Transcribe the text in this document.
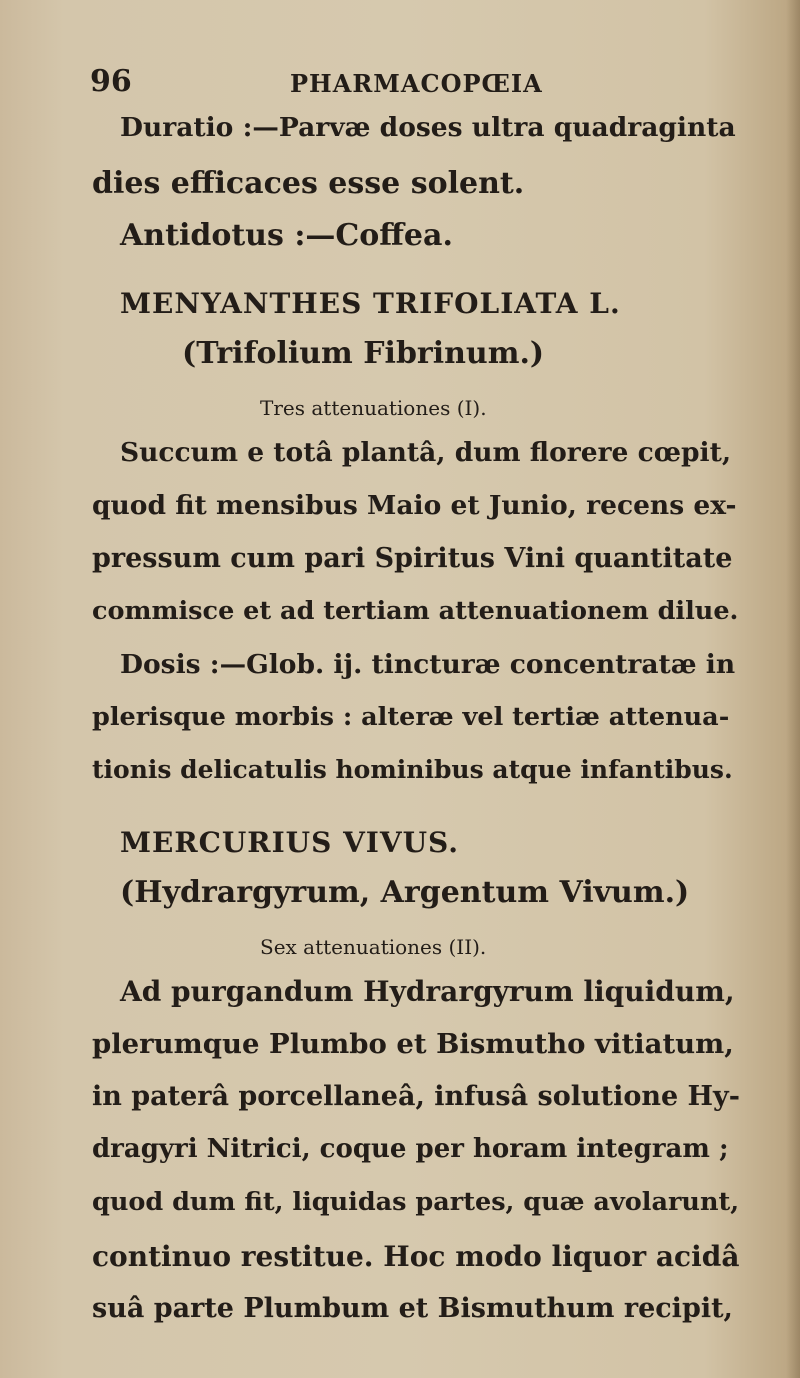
96	PHARMACOPŒIA

Duratio :—Parvæ doses ultra quadraginta

dies efficaces esse solent.

Antidotus :—Coffea.

MENYANTHES TRIFOLIATA L.

(Trifolium Fibrinum.)

Tres attenuationes (I).

Succum e totâ plantâ, dum florere cœpit,

quod fit mensibus Maio et Junio, recens ex-

pressum cum pari Spiritus Vini quantitate

commisce et ad tertiam attenuationem dilue.

Dosis :—Glob. ij. tincturæ concentratæ in

plerisque morbis : alteræ vel tertiæ attenua-

tionis delicatulis hominibus atque infantibus.

MERCURIUS VIVUS.

(Hydrargyrum, Argentum Vivum.)

Sex attenuationes (II).

Ad purgandum Hydrargyrum liquidum,

plerumque Plumbo et Bismutho vitiatum,

in paterâ porcellaneâ, infusâ solutione Hy-

dragyri Nitrici, coque per horam integram ;

quod dum fit, liquidas partes, quæ avolarunt,

continuo restitue. Hoc modo liquor acidâ

suâ parte Plumbum et Bismuthum recipit,
